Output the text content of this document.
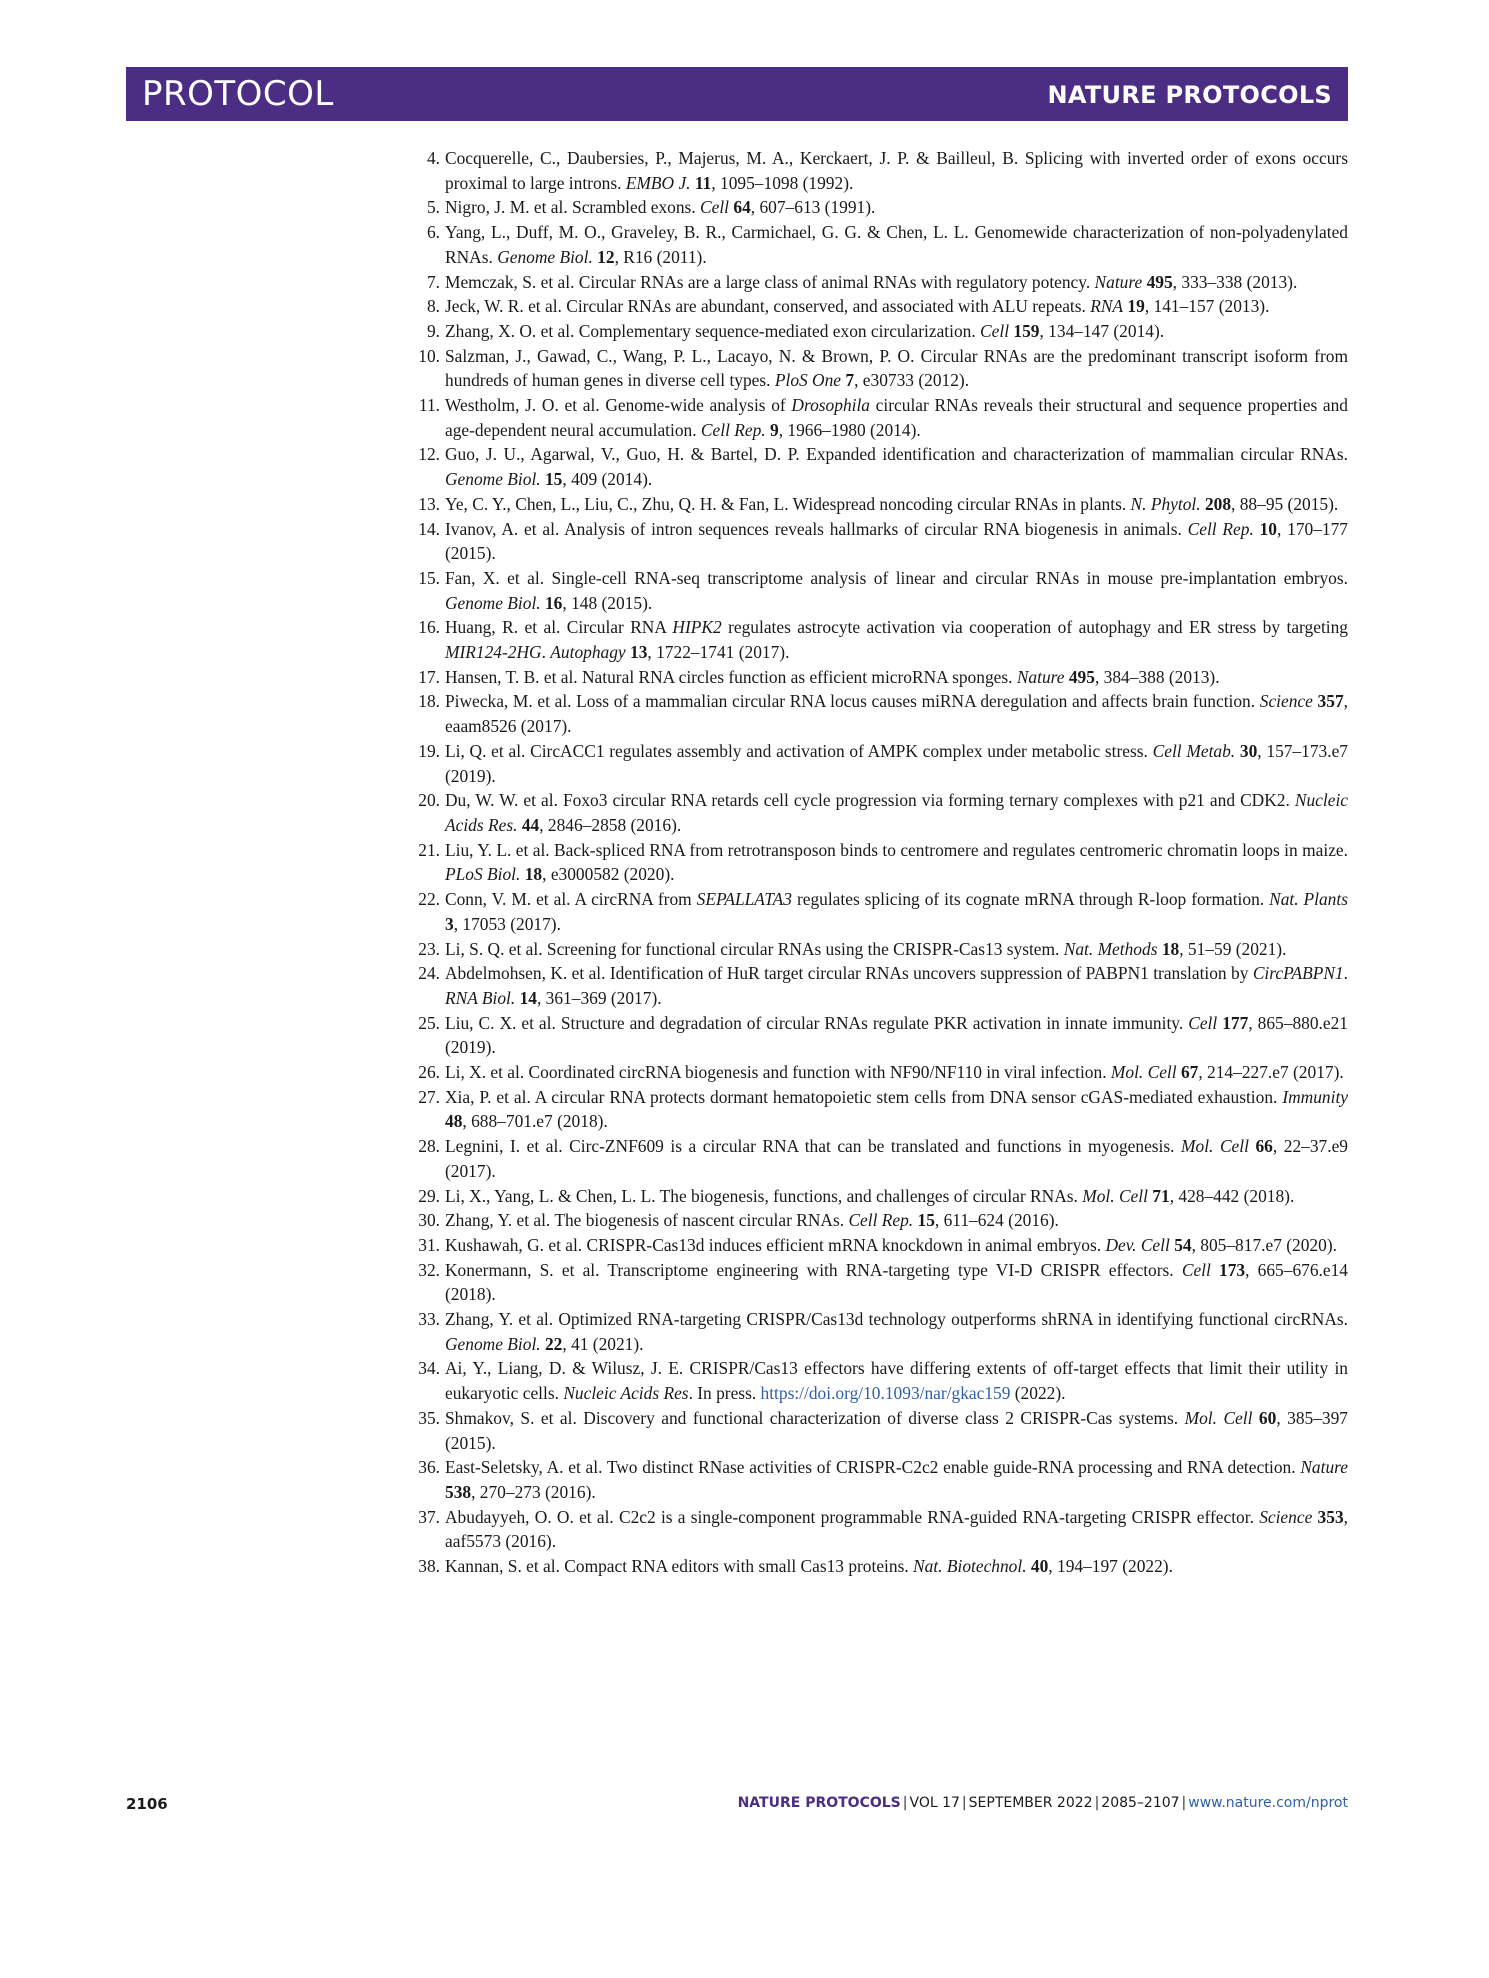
PROTOCOL	NATURE PROTOCOLS
4. Cocquerelle, C., Daubersies, P., Majerus, M. A., Kerckaert, J. P. & Bailleul, B. Splicing with inverted order of exons occurs proximal to large introns. EMBO J. 11, 1095–1098 (1992).
5. Nigro, J. M. et al. Scrambled exons. Cell 64, 607–613 (1991).
6. Yang, L., Duff, M. O., Graveley, B. R., Carmichael, G. G. & Chen, L. L. Genomewide characterization of non-polyadenylated RNAs. Genome Biol. 12, R16 (2011).
7. Memczak, S. et al. Circular RNAs are a large class of animal RNAs with regulatory potency. Nature 495, 333–338 (2013).
8. Jeck, W. R. et al. Circular RNAs are abundant, conserved, and associated with ALU repeats. RNA 19, 141–157 (2013).
9. Zhang, X. O. et al. Complementary sequence-mediated exon circularization. Cell 159, 134–147 (2014).
10. Salzman, J., Gawad, C., Wang, P. L., Lacayo, N. & Brown, P. O. Circular RNAs are the predominant transcript isoform from hundreds of human genes in diverse cell types. PloS One 7, e30733 (2012).
11. Westholm, J. O. et al. Genome-wide analysis of Drosophila circular RNAs reveals their structural and sequence properties and age-dependent neural accumulation. Cell Rep. 9, 1966–1980 (2014).
12. Guo, J. U., Agarwal, V., Guo, H. & Bartel, D. P. Expanded identification and characterization of mammalian circular RNAs. Genome Biol. 15, 409 (2014).
13. Ye, C. Y., Chen, L., Liu, C., Zhu, Q. H. & Fan, L. Widespread noncoding circular RNAs in plants. N. Phytol. 208, 88–95 (2015).
14. Ivanov, A. et al. Analysis of intron sequences reveals hallmarks of circular RNA biogenesis in animals. Cell Rep. 10, 170–177 (2015).
15. Fan, X. et al. Single-cell RNA-seq transcriptome analysis of linear and circular RNAs in mouse pre-implantation embryos. Genome Biol. 16, 148 (2015).
16. Huang, R. et al. Circular RNA HIPK2 regulates astrocyte activation via cooperation of autophagy and ER stress by targeting MIR124-2HG. Autophagy 13, 1722–1741 (2017).
17. Hansen, T. B. et al. Natural RNA circles function as efficient microRNA sponges. Nature 495, 384–388 (2013).
18. Piwecka, M. et al. Loss of a mammalian circular RNA locus causes miRNA deregulation and affects brain function. Science 357, eaam8526 (2017).
19. Li, Q. et al. CircACC1 regulates assembly and activation of AMPK complex under metabolic stress. Cell Metab. 30, 157–173.e7 (2019).
20. Du, W. W. et al. Foxo3 circular RNA retards cell cycle progression via forming ternary complexes with p21 and CDK2. Nucleic Acids Res. 44, 2846–2858 (2016).
21. Liu, Y. L. et al. Back-spliced RNA from retrotransposon binds to centromere and regulates centromeric chromatin loops in maize. PLoS Biol. 18, e3000582 (2020).
22. Conn, V. M. et al. A circRNA from SEPALLATA3 regulates splicing of its cognate mRNA through R-loop formation. Nat. Plants 3, 17053 (2017).
23. Li, S. Q. et al. Screening for functional circular RNAs using the CRISPR-Cas13 system. Nat. Methods 18, 51–59 (2021).
24. Abdelmohsen, K. et al. Identification of HuR target circular RNAs uncovers suppression of PABPN1 translation by CircPABPN1. RNA Biol. 14, 361–369 (2017).
25. Liu, C. X. et al. Structure and degradation of circular RNAs regulate PKR activation in innate immunity. Cell 177, 865–880.e21 (2019).
26. Li, X. et al. Coordinated circRNA biogenesis and function with NF90/NF110 in viral infection. Mol. Cell 67, 214–227.e7 (2017).
27. Xia, P. et al. A circular RNA protects dormant hematopoietic stem cells from DNA sensor cGAS-mediated exhaustion. Immunity 48, 688–701.e7 (2018).
28. Legnini, I. et al. Circ-ZNF609 is a circular RNA that can be translated and functions in myogenesis. Mol. Cell 66, 22–37.e9 (2017).
29. Li, X., Yang, L. & Chen, L. L. The biogenesis, functions, and challenges of circular RNAs. Mol. Cell 71, 428–442 (2018).
30. Zhang, Y. et al. The biogenesis of nascent circular RNAs. Cell Rep. 15, 611–624 (2016).
31. Kushawah, G. et al. CRISPR-Cas13d induces efficient mRNA knockdown in animal embryos. Dev. Cell 54, 805–817.e7 (2020).
32. Konermann, S. et al. Transcriptome engineering with RNA-targeting type VI-D CRISPR effectors. Cell 173, 665–676.e14 (2018).
33. Zhang, Y. et al. Optimized RNA-targeting CRISPR/Cas13d technology outperforms shRNA in identifying functional circRNAs. Genome Biol. 22, 41 (2021).
34. Ai, Y., Liang, D. & Wilusz, J. E. CRISPR/Cas13 effectors have differing extents of off-target effects that limit their utility in eukaryotic cells. Nucleic Acids Res. In press. https://doi.org/10.1093/nar/gkac159 (2022).
35. Shmakov, S. et al. Discovery and functional characterization of diverse class 2 CRISPR-Cas systems. Mol. Cell 60, 385–397 (2015).
36. East-Seletsky, A. et al. Two distinct RNase activities of CRISPR-C2c2 enable guide-RNA processing and RNA detection. Nature 538, 270–273 (2016).
37. Abudayyeh, O. O. et al. C2c2 is a single-component programmable RNA-guided RNA-targeting CRISPR effector. Science 353, aaf5573 (2016).
38. Kannan, S. et al. Compact RNA editors with small Cas13 proteins. Nat. Biotechnol. 40, 194–197 (2022).
2106	NATURE PROTOCOLS | VOL 17 | SEPTEMBER 2022 | 2085–2107 | www.nature.com/nprot
